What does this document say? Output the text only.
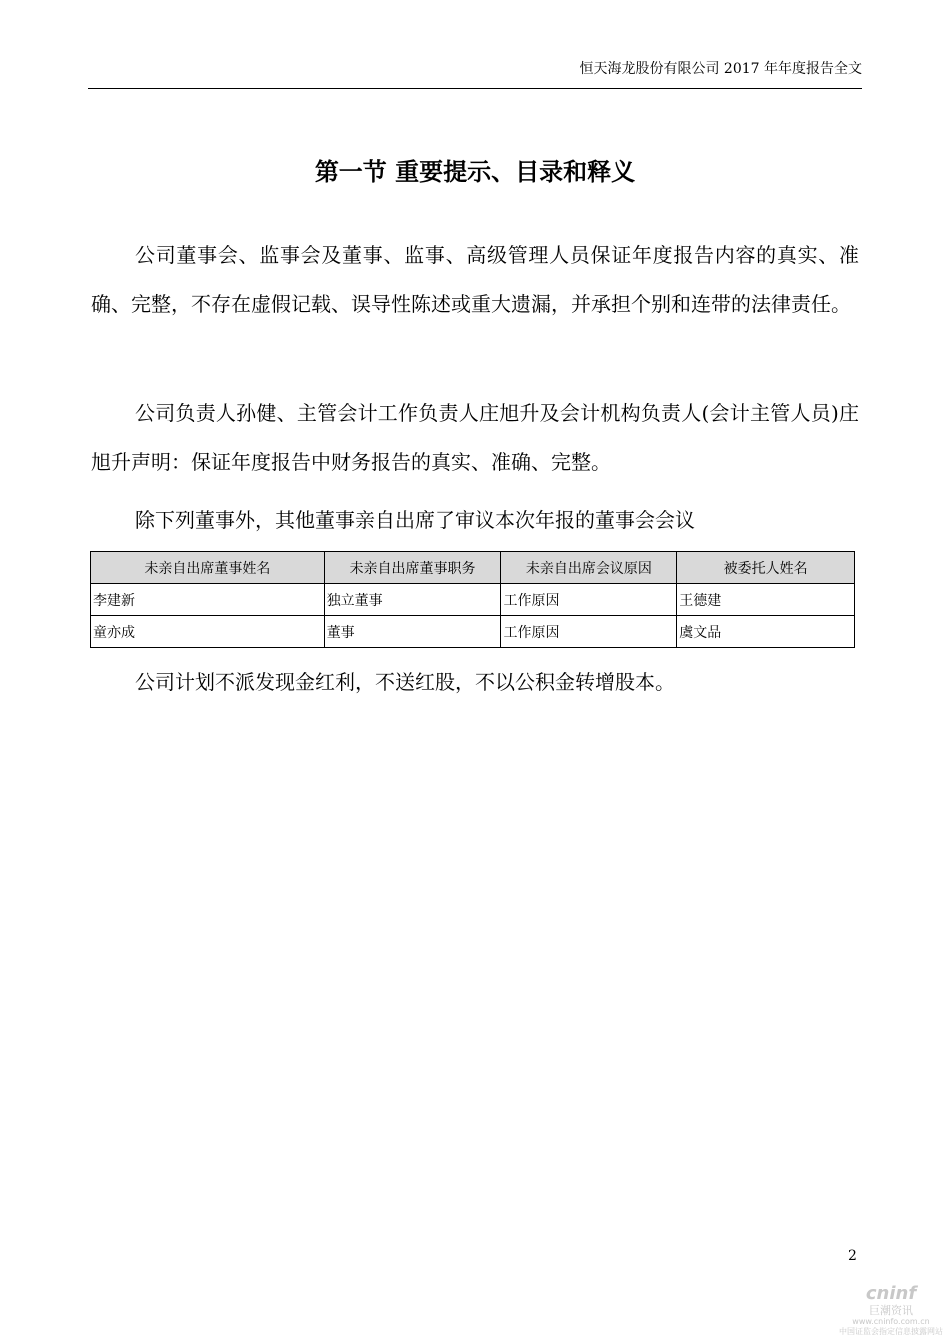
恒天海龙股份有限公司 2017 年年度报告全文
第一节 重要提示、目录和释义

公司董事会、监事会及董事、监事、高级管理人员保证年度报告内容的真实、准确、完整，不存在虚假记载、误导性陈述或重大遗漏，并承担个别和连带的法律责任。

公司负责人孙健、主管会计工作负责人庄旭升及会计机构负责人(会计主管人员)庄旭升声明：保证年度报告中财务报告的真实、准确、完整。

除下列董事外，其他董事亲自出席了审议本次年报的董事会会议

未亲自出席董事姓名	未亲自出席董事职务	未亲自出席会议原因	被委托人姓名
李建新	独立董事	工作原因	王德建
童亦成	董事	工作原因	虞文品

公司计划不派发现金红利，不送红股，不以公积金转增股本。

2
cninf
巨潮资讯
www.cninfo.com.cn
中国证监会指定信息披露网站
